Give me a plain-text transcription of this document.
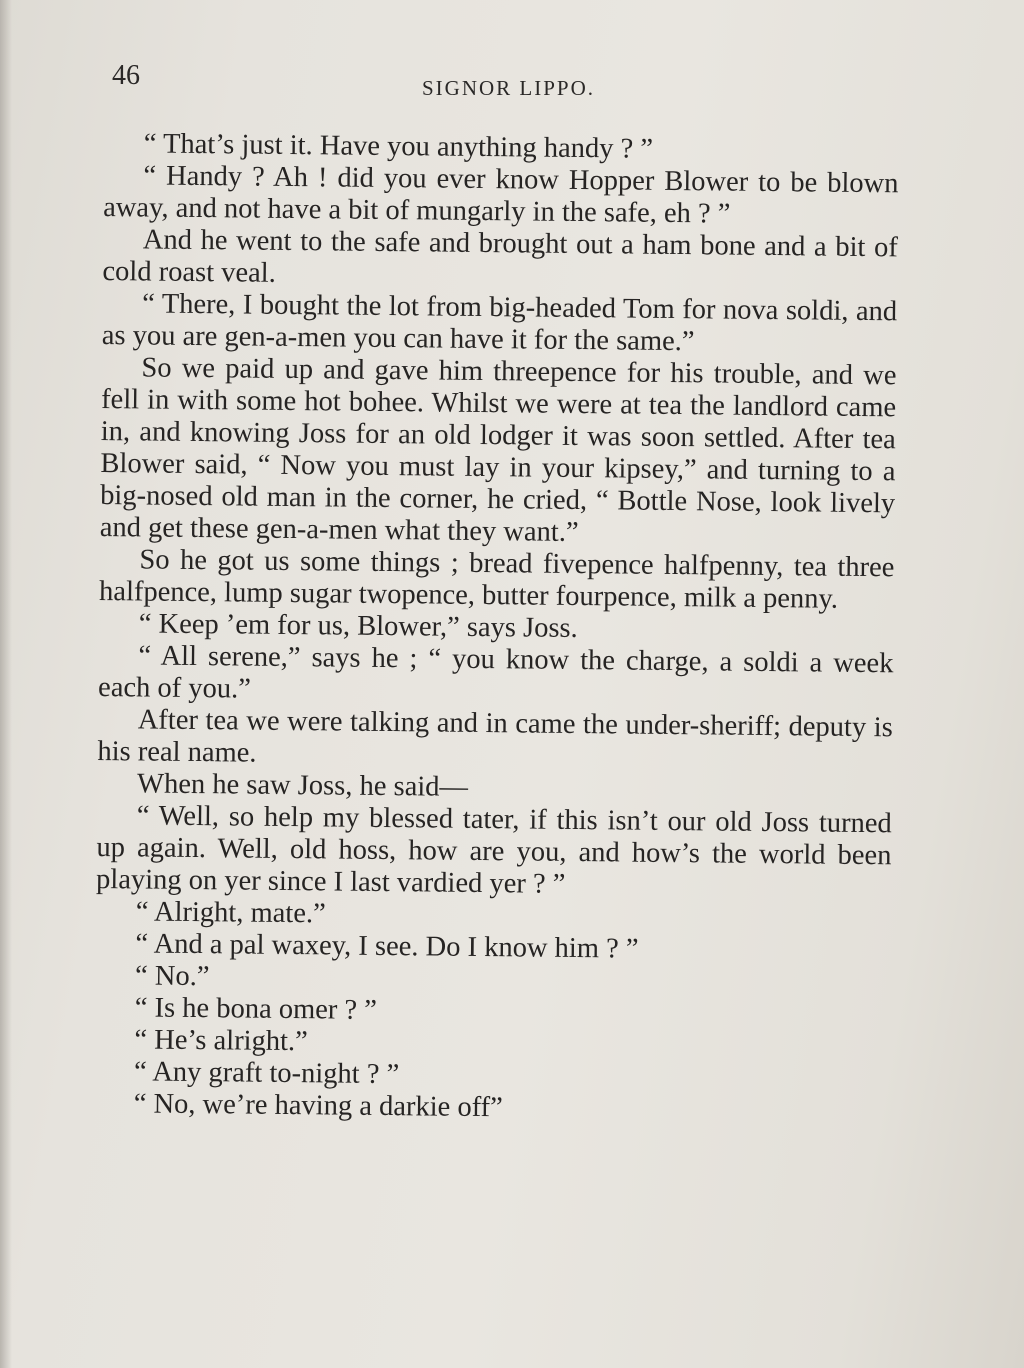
46	SIGNOR LIPPO.

“ That’s just it. Have you anything handy ? ”

“ Handy ? Ah ! did you ever know Hopper Blower to be blown away, and not have a bit of mungarly in the safe, eh ? ”

And he went to the safe and brought out a ham bone and a bit of cold roast veal.

“ There, I bought the lot from big-headed Tom for nova soldi, and as you are gen-a-men you can have it for the same.”

So we paid up and gave him threepence for his trouble, and we fell in with some hot bohee. Whilst we were at tea the landlord came in, and knowing Joss for an old lodger it was soon settled. After tea Blower said, “ Now you must lay in your kipsey,” and turning to a big-nosed old man in the corner, he cried, “ Bottle Nose, look lively and get these gen-a-men what they want.”

So he got us some things ; bread fivepence halfpenny, tea three halfpence, lump sugar twopence, butter fourpence, milk a penny.

“ Keep ’em for us, Blower,” says Joss.

“ All serene,” says he ; “ you know the charge, a soldi a week each of you.”

After tea we were talking and in came the under-sheriff; deputy is his real name.

When he saw Joss, he said—

“ Well, so help my blessed tater, if this isn’t our old Joss turned up again. Well, old hoss, how are you, and how’s the world been playing on yer since I last vardied yer ? ”

“ Alright, mate.”

“ And a pal waxey, I see. Do I know him ? ”

“ No.”

“ Is he bona omer ? ”

“ He’s alright.”

“ Any graft to-night ? ”

“ No, we’re having a darkie off”
